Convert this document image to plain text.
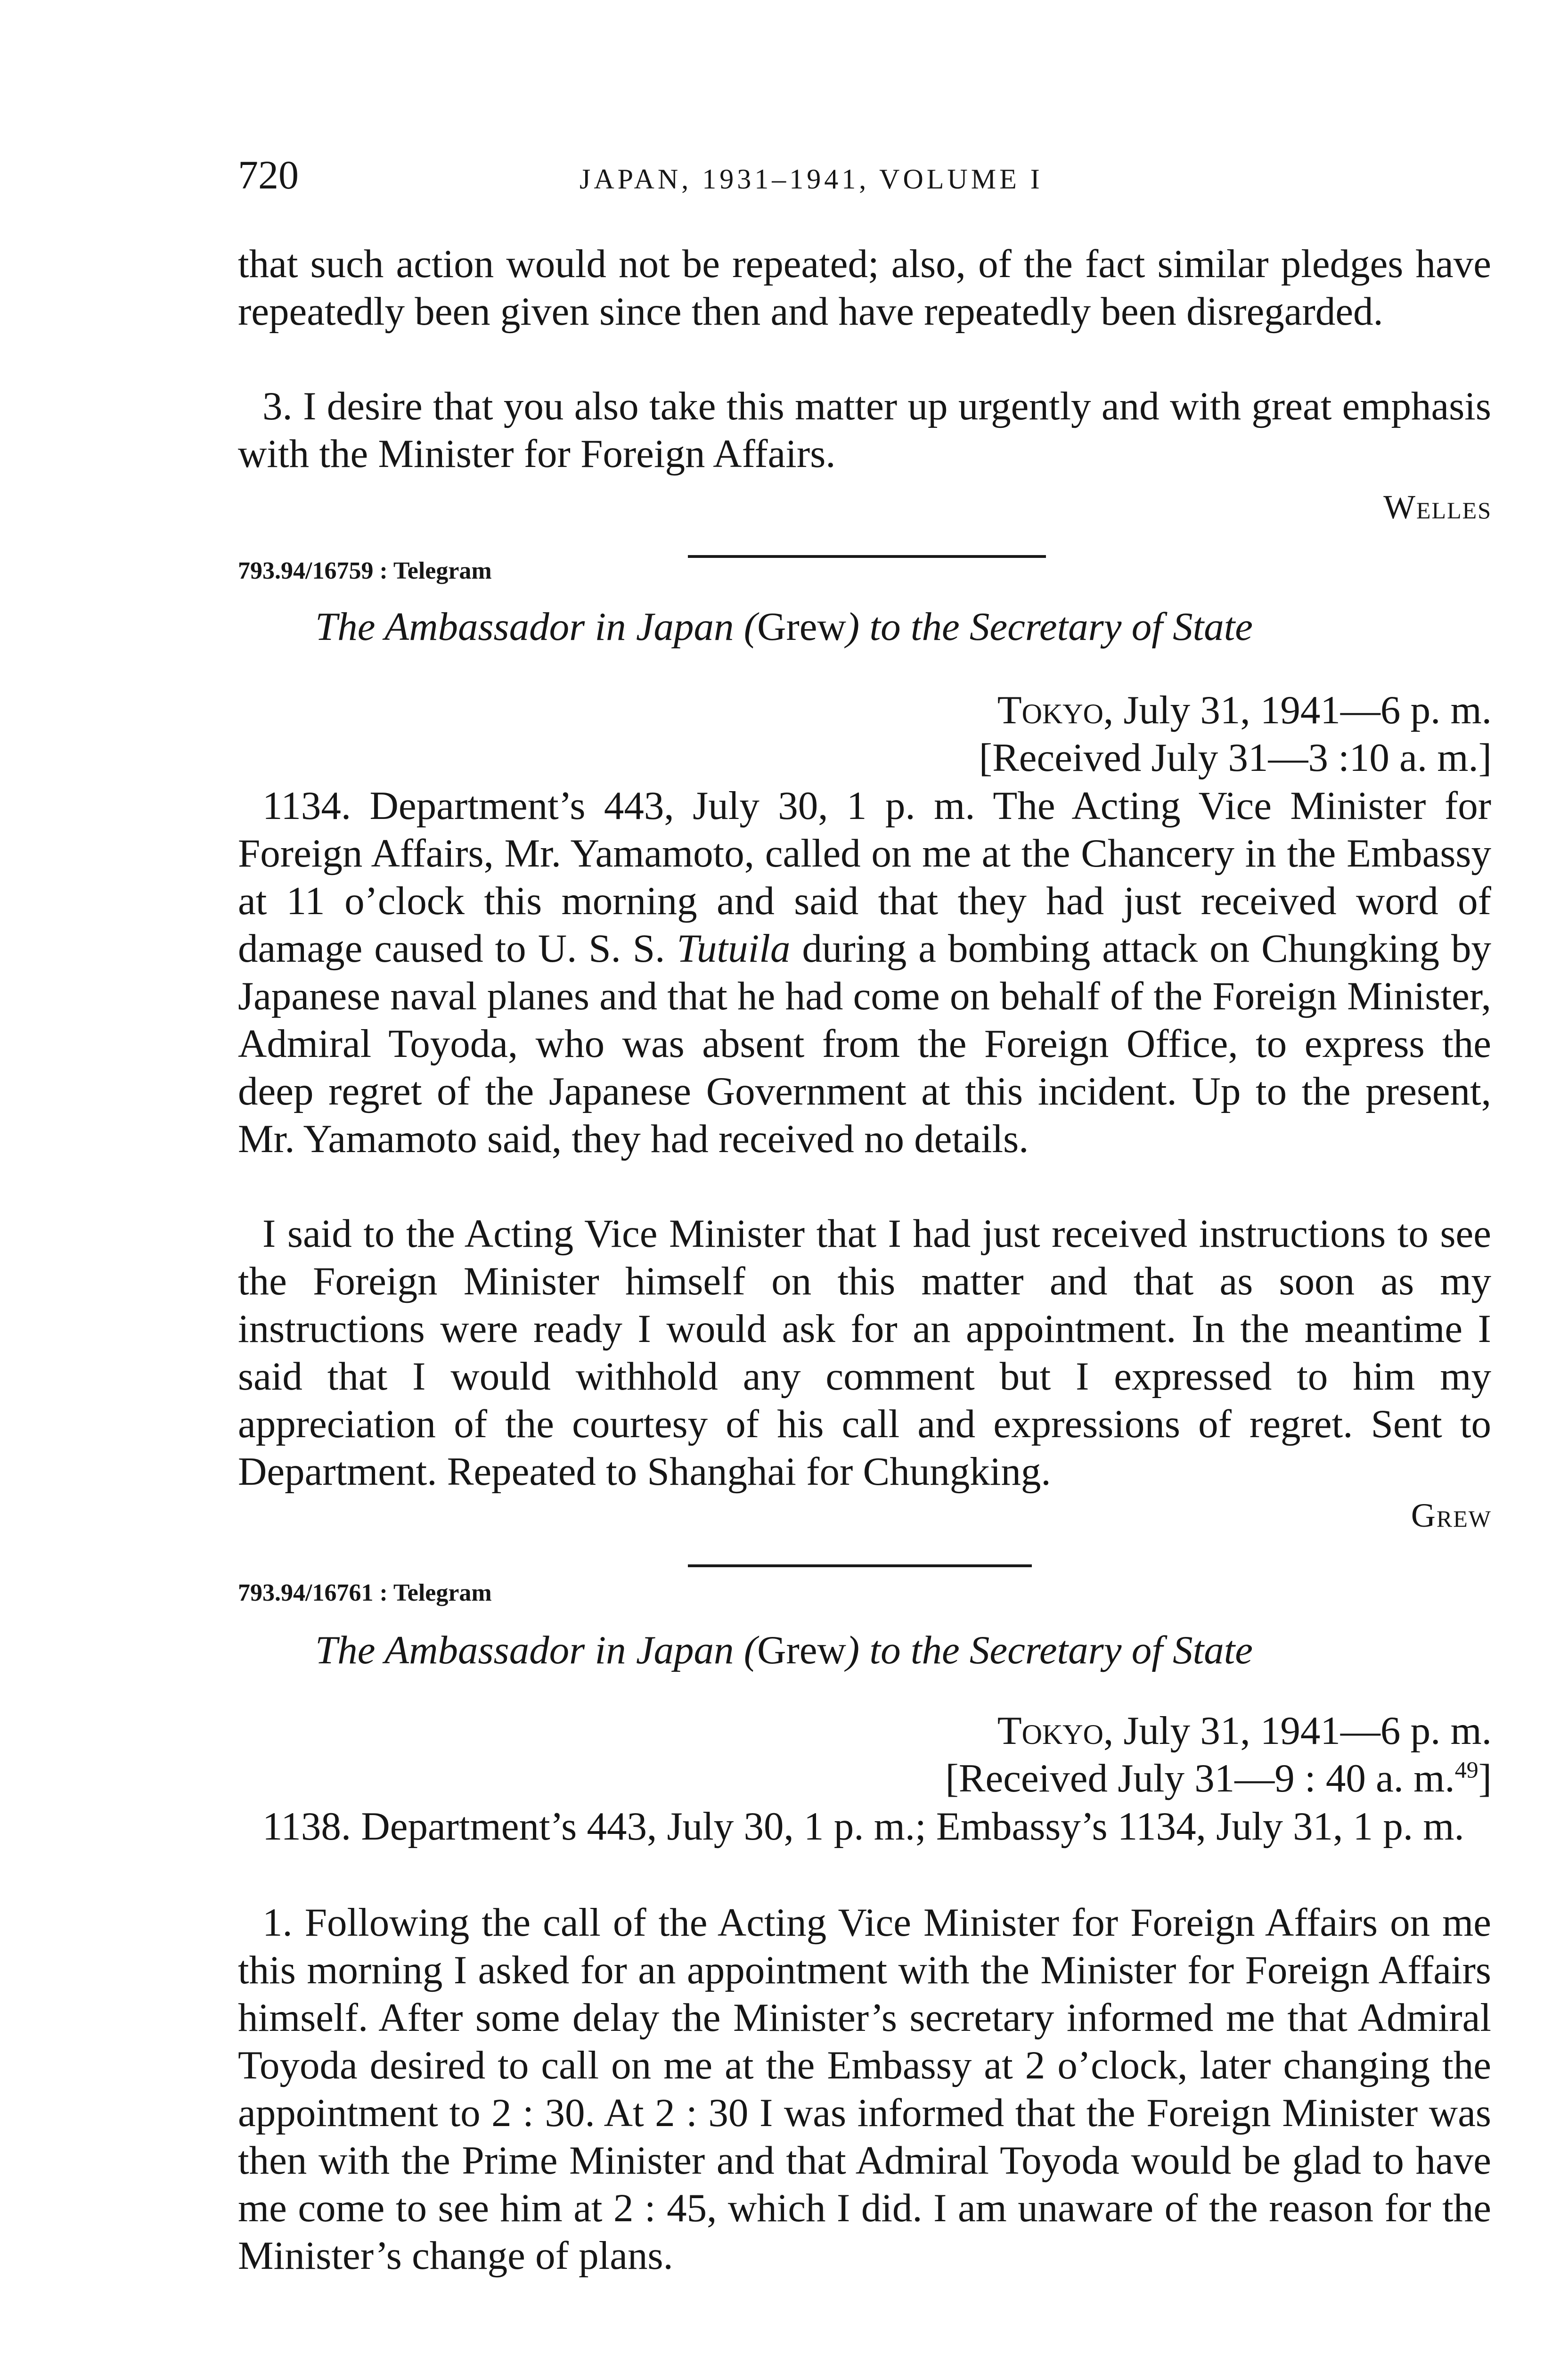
720	JAPAN, 1931–1941, VOLUME I

that such action would not be repeated; also, of the fact similar pledges have repeatedly been given since then and have repeatedly been disregarded.

3. I desire that you also take this matter up urgently and with great emphasis with the Minister for Foreign Affairs.

Welles
793.94/16759 : Telegram
The Ambassador in Japan (Grew) to the Secretary of State
Tokyo, July 31, 1941—6 p. m.
[Received July 31—3 :10 a. m.]

1134. Department’s 443, July 30, 1 p. m. The Acting Vice Minister for Foreign Affairs, Mr. Yamamoto, called on me at the Chancery in the Embassy at 11 o’clock this morning and said that they had just received word of damage caused to U. S. S. Tutuila during a bombing attack on Chungking by Japanese naval planes and that he had come on behalf of the Foreign Minister, Admiral Toyoda, who was absent from the Foreign Office, to express the deep regret of the Japanese Government at this incident. Up to the present, Mr. Yamamoto said, they had received no details.

I said to the Acting Vice Minister that I had just received instructions to see the Foreign Minister himself on this matter and that as soon as my instructions were ready I would ask for an appointment. In the meantime I said that I would withhold any comment but I expressed to him my appreciation of the courtesy of his call and expressions of regret. Sent to Department. Repeated to Shanghai for Chungking.

Grew
793.94/16761 : Telegram
The Ambassador in Japan (Grew) to the Secretary of State
Tokyo, July 31, 1941—6 p. m.
[Received July 31—9 : 40 a. m.$^{49}$]

1138. Department’s 443, July 30, 1 p. m.; Embassy’s 1134, July 31, 1 p. m.

1. Following the call of the Acting Vice Minister for Foreign Affairs on me this morning I asked for an appointment with the Minister for Foreign Affairs himself. After some delay the Minister’s secretary informed me that Admiral Toyoda desired to call on me at the Embassy at 2 o’clock, later changing the appointment to 2 : 30. At 2 : 30 I was informed that the Foreign Minister was then with the Prime Minister and that Admiral Toyoda would be glad to have me come to see him at 2 : 45, which I did. I am unaware of the reason for the Minister’s change of plans.
